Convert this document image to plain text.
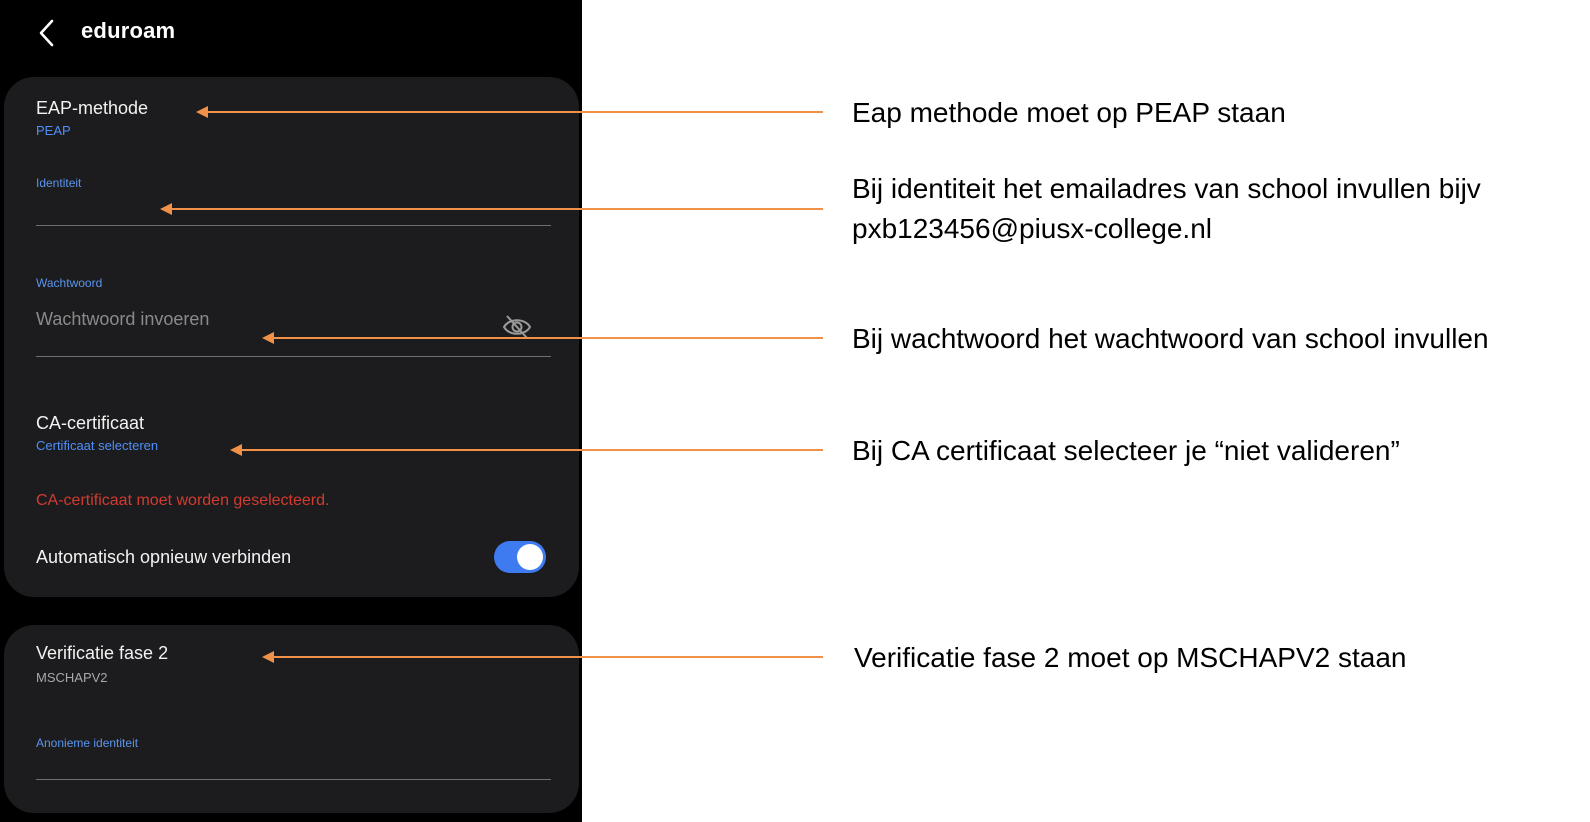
eduroam
EAP-methode
PEAP
Identiteit
Wachtwoord
CA-certificaat
Certificaat selecteren
CA-certificaat moet worden geselecteerd.
Automatisch opnieuw verbinden
Verificatie fase 2
MSCHAPV2
Anonieme identiteit
Eap methode moet op PEAP staan
Bij identiteit het emailadres van school invullen bijv
pxb123456@piusx-college.nl
Bij wachtwoord het wachtwoord van school invullen
Bij CA certificaat selecteer je “niet valideren”
Verificatie fase 2 moet op MSCHAPV2 staan
